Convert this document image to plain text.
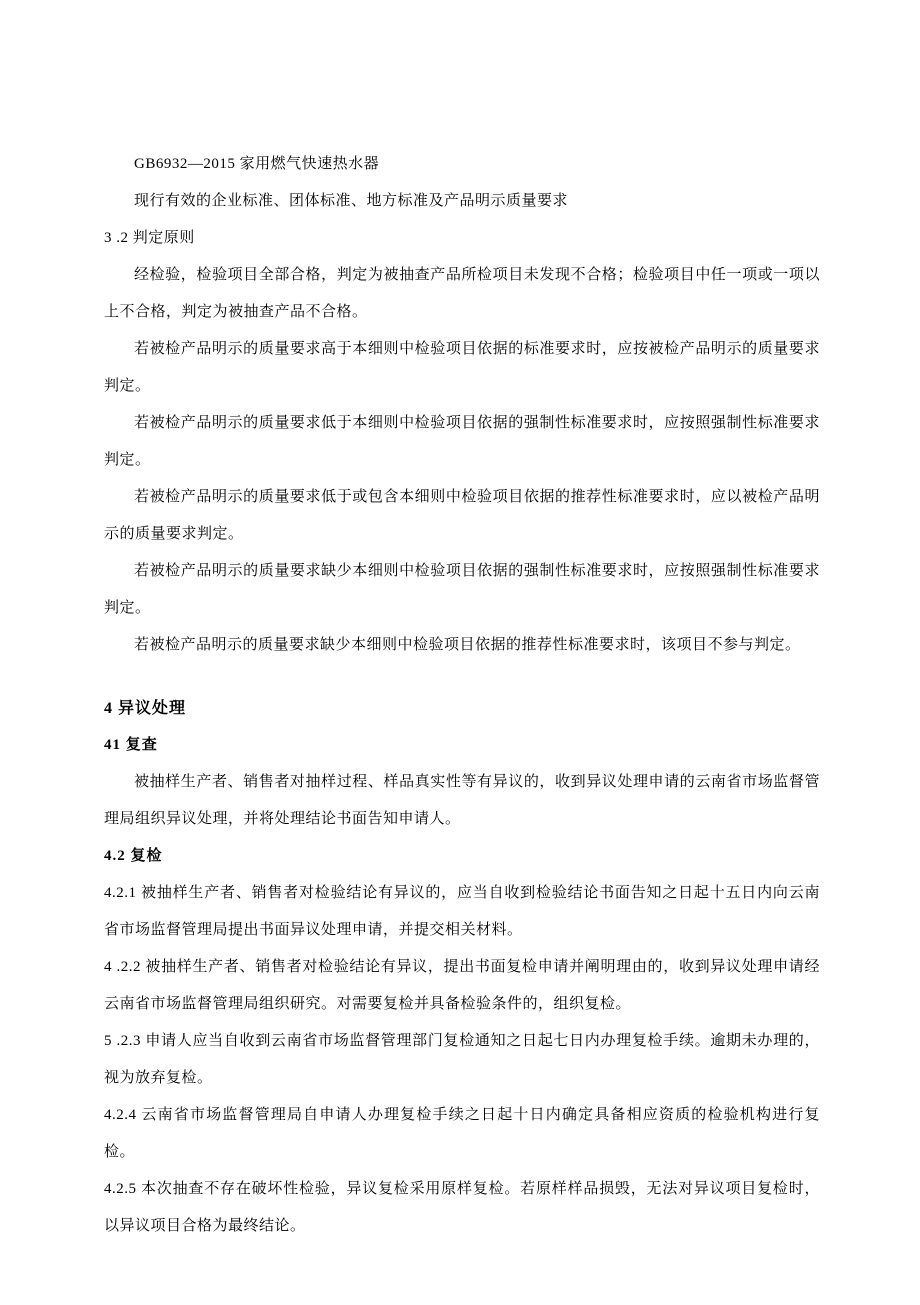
GB6932—2015 家用燃气快速热水器

现行有效的企业标准、团体标准、地方标准及产品明示质量要求

3 .2 判定原则

经检验，检验项目全部合格，判定为被抽查产品所检项目未发现不合格；检验项目中任一项或一项以上不合格，判定为被抽查产品不合格。

若被检产品明示的质量要求高于本细则中检验项目依据的标准要求时，应按被检产品明示的质量要求判定。

若被检产品明示的质量要求低于本细则中检验项目依据的强制性标准要求时，应按照强制性标准要求判定。

若被检产品明示的质量要求低于或包含本细则中检验项目依据的推荐性标准要求时，应以被检产品明示的质量要求判定。

若被检产品明示的质量要求缺少本细则中检验项目依据的强制性标准要求时，应按照强制性标准要求判定。

若被检产品明示的质量要求缺少本细则中检验项目依据的推荐性标准要求时，该项目不参与判定。

4 异议处理

41 复查

被抽样生产者、销售者对抽样过程、样品真实性等有异议的，收到异议处理申请的云南省市场监督管理局组织异议处理，并将处理结论书面告知申请人。

4.2 复检

4.2.1 被抽样生产者、销售者对检验结论有异议的，应当自收到检验结论书面告知之日起十五日内向云南省市场监督管理局提出书面异议处理申请，并提交相关材料。

4 .2.2 被抽样生产者、销售者对检验结论有异议，提出书面复检申请并阐明理由的，收到异议处理申请经云南省市场监督管理局组织研究。对需要复检并具备检验条件的，组织复检。

5 .2.3 申请人应当自收到云南省市场监督管理部门复检通知之日起七日内办理复检手续。逾期未办理的，视为放弃复检。

4.2.4 云南省市场监督管理局自申请人办理复检手续之日起十日内确定具备相应资质的检验机构进行复检。

4.2.5 本次抽查不存在破坏性检验，异议复检采用原样复检。若原样样品损毁，无法对异议项目复检时，以异议项目合格为最终结论。
